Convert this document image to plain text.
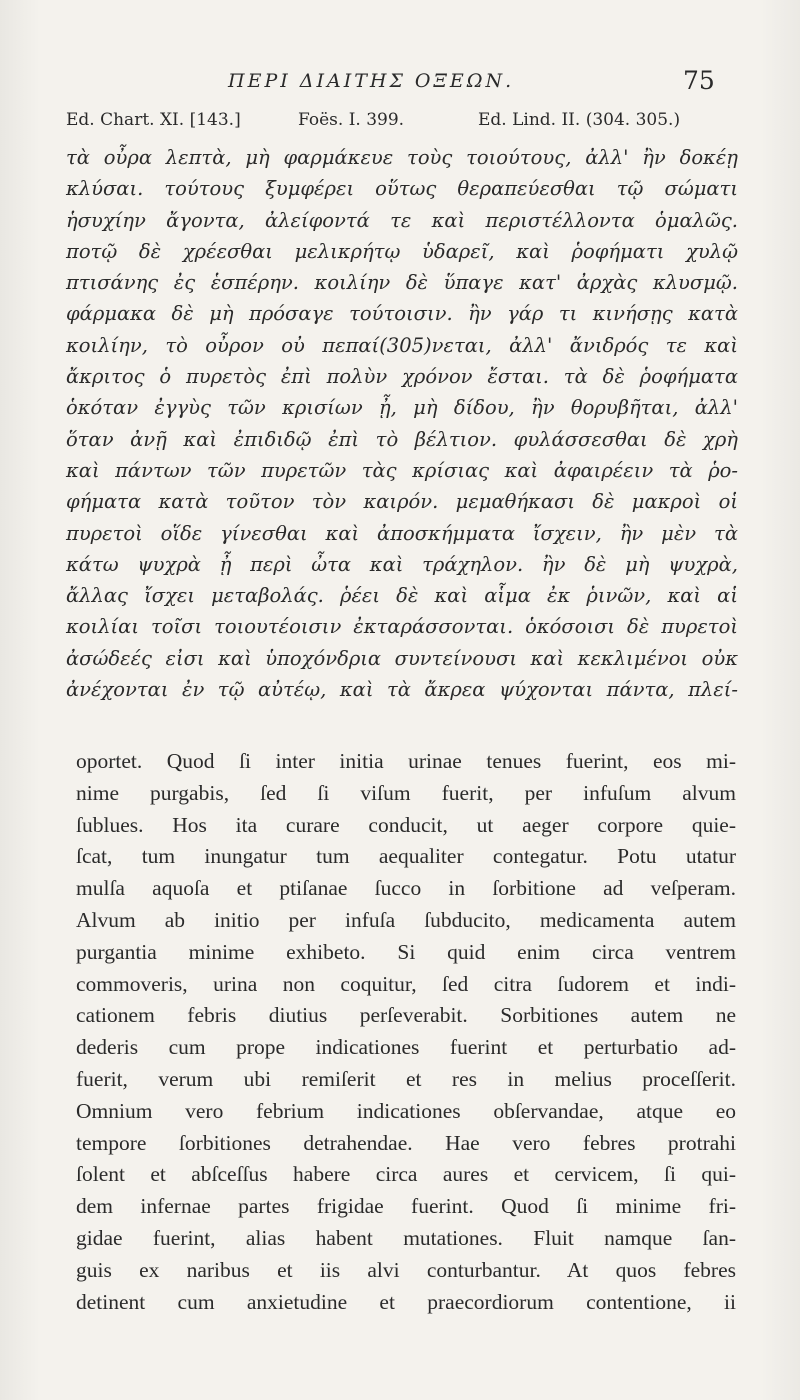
ΠΕΡΙ ΔΙΑΙΤΗΣ ΟΞΕΩΝ.	75
Ed. Chart. XI. [143.]	Foës. I. 399.	Ed. Lind. II. (304. 305.)
τὰ οὖρα λεπτὰ, μὴ φαρμάκευε τοὺς τοιούτους, ἀλλ' ἢν δοκέῃ
κλύσαι. τούτους ξυμφέρει οὕτως θεραπεύεσθαι τῷ σώματι
ἡσυχίην ἄγοντα, ἀλείφοντά τε καὶ περιστέλλοντα ὁμαλῶς.
ποτῷ δὲ χρέεσθαι μελικρήτῳ ὑδαρεῖ, καὶ ῥοφήματι χυλῷ
πτισάνης ἐς ἑσπέρην. κοιλίην δὲ ὕπαγε κατ' ἀρχὰς κλυσμῷ.
φάρμακα δὲ μὴ πρόσαγε τούτοισιν. ἢν γάρ τι κινήσῃς κατὰ
κοιλίην, τὸ οὖρον οὐ πεπαί(305)νεται, ἀλλ' ἄνιδρός τε καὶ
ἄκριτος ὁ πυρετὸς ἐπὶ πολὺν χρόνον ἔσται. τὰ δὲ ῥοφήματα
ὁκόταν ἐγγὺς τῶν κρισίων ᾖ, μὴ δίδου, ἢν θορυβῆται, ἀλλ'
ὅταν ἀνῇ καὶ ἐπιδιδῷ ἐπὶ τὸ βέλτιον. φυλάσσεσθαι δὲ χρὴ
καὶ πάντων τῶν πυρετῶν τὰς κρίσιας καὶ ἀφαιρέειν τὰ ῥο-
φήματα κατὰ τοῦτον τὸν καιρόν. μεμαθήκασι δὲ μακροὶ οἱ
πυρετοὶ οἵδε γίνεσθαι καὶ ἀποσκήμματα ἴσχειν, ἢν μὲν τὰ
κάτω ψυχρὰ ᾖ περὶ ὦτα καὶ τράχηλον. ἢν δὲ μὴ ψυχρὰ,
ἄλλας ἴσχει μεταβολάς. ῥέει δὲ καὶ αἷμα ἐκ ῥινῶν, καὶ αἱ
κοιλίαι τοῖσι τοιουτέοισιν ἐκταράσσονται. ὁκόσοισι δὲ πυρετοὶ
ἀσώδεές εἰσι καὶ ὑποχόνδρια συντείνουσι καὶ κεκλιμένοι οὐκ
ἀνέχονται ἐν τῷ αὐτέῳ, καὶ τὰ ἄκρεα ψύχονται πάντα, πλεί-
oportet. Quod ſi inter initia urinae tenues fuerint, eos mi-
nime purgabis, ſed ſi viſum fuerit, per infuſum alvum
ſublues. Hos ita curare conducit, ut aeger corpore quie-
ſcat, tum inungatur tum aequaliter contegatur. Potu utatur
mulſa aquoſa et ptiſanae ſucco in ſorbitione ad veſperam.
Alvum ab initio per infuſa ſubducito, medicamenta autem
purgantia minime exhibeto. Si quid enim circa ventrem
commoveris, urina non coquitur, ſed citra ſudorem et indi-
cationem febris diutius perſeverabit. Sorbitiones autem ne
dederis cum prope indicationes fuerint et perturbatio ad-
fuerit, verum ubi remiſerit et res in melius proceſſerit.
Omnium vero febrium indicationes obſervandae, atque eo
tempore ſorbitiones detrahendae. Hae vero febres protrahi
ſolent et abſceſſus habere circa aures et cervicem, ſi qui-
dem infernae partes frigidae fuerint. Quod ſi minime fri-
gidae fuerint, alias habent mutationes. Fluit namque ſan-
guis ex naribus et iis alvi conturbantur. At quos febres
detinent cum anxietudine et praecordiorum contentione, ii
